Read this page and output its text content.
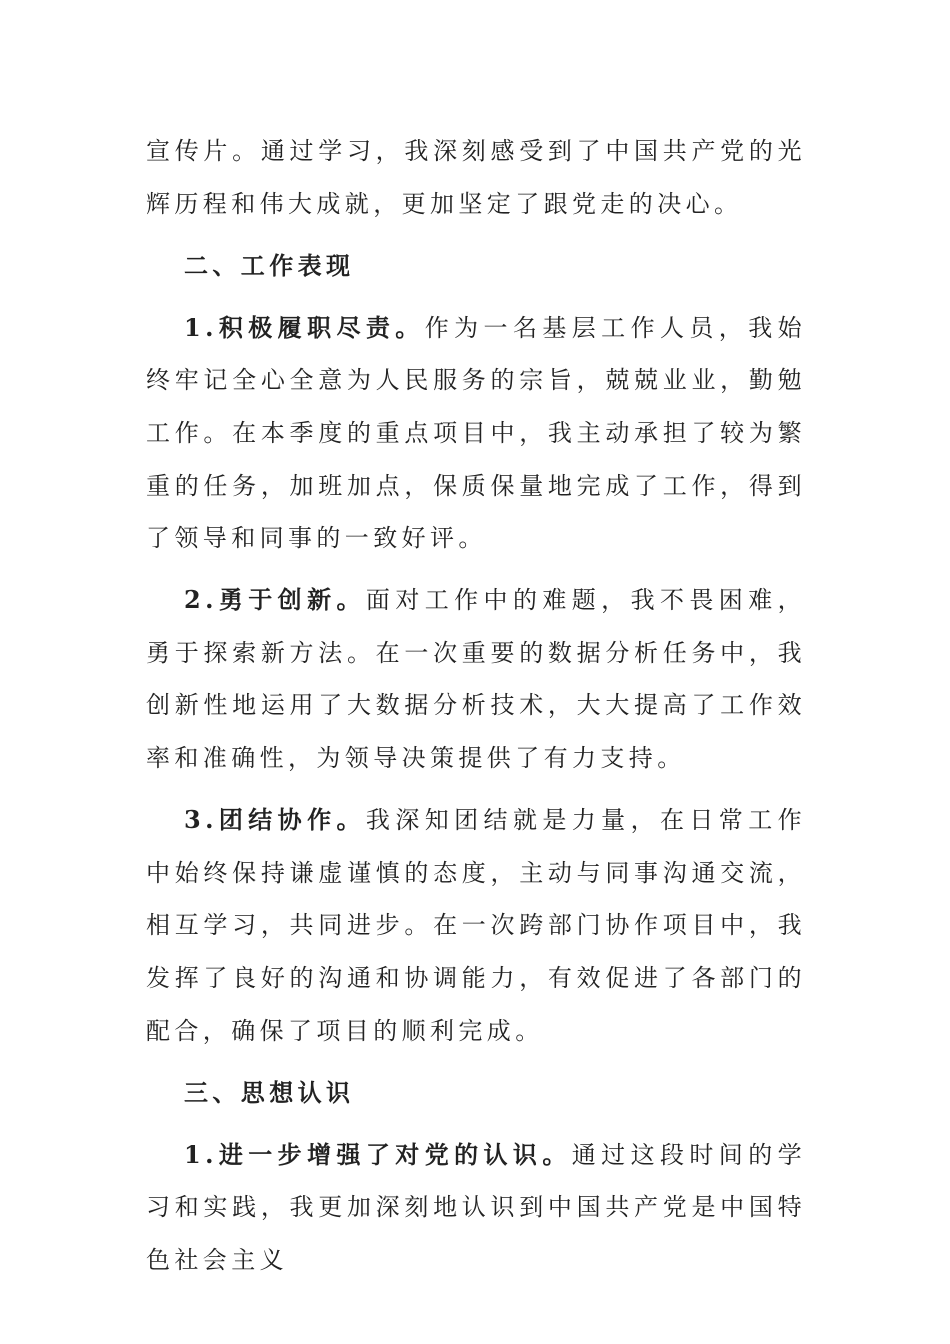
宣传片。通过学习，我深刻感受到了中国共产党的光辉历程和伟大成就，更加坚定了跟党走的决心。

二、工作表现

1.积极履职尽责。作为一名基层工作人员，我始终牢记全心全意为人民服务的宗旨，兢兢业业，勤勉工作。在本季度的重点项目中，我主动承担了较为繁重的任务，加班加点，保质保量地完成了工作，得到了领导和同事的一致好评。

2.勇于创新。面对工作中的难题，我不畏困难，勇于探索新方法。在一次重要的数据分析任务中，我创新性地运用了大数据分析技术，大大提高了工作效率和准确性，为领导决策提供了有力支持。

3.团结协作。我深知团结就是力量，在日常工作中始终保持谦虚谨慎的态度，主动与同事沟通交流，相互学习，共同进步。在一次跨部门协作项目中，我发挥了良好的沟通和协调能力，有效促进了各部门的配合，确保了项目的顺利完成。

三、思想认识

1.进一步增强了对党的认识。通过这段时间的学习和实践，我更加深刻地认识到中国共产党是中国特色社会主义
